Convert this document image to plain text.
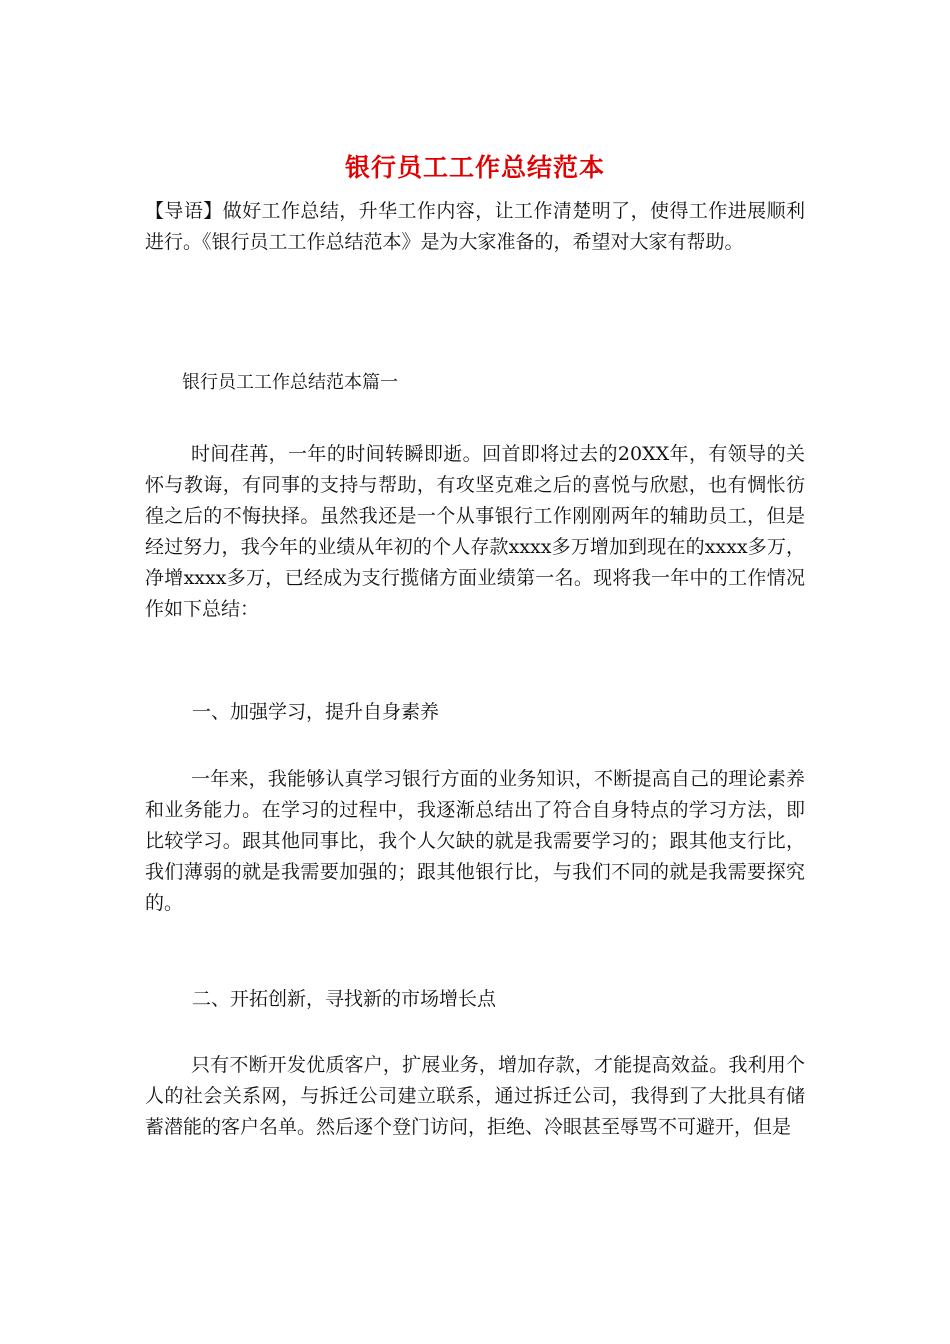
银行员工工作总结范本

【导语】做好工作总结，升华工作内容，让工作清楚明了，使得工作进展顺利进行。《银行员工工作总结范本》是为大家准备的，希望对大家有帮助。

银行员工工作总结范本篇一

时间荏苒，一年的时间转瞬即逝。回首即将过去的20XX年，有领导的关怀与教诲，有同事的支持与帮助，有攻坚克难之后的喜悦与欣慰，也有惆怅彷徨之后的不悔抉择。虽然我还是一个从事银行工作刚刚两年的辅助员工，但是经过努力，我今年的业绩从年初的个人存款xxxx多万增加到现在的xxxx多万，净增xxxx多万，已经成为支行揽储方面业绩第一名。现将我一年中的工作情况作如下总结：

一、加强学习，提升自身素养

一年来，我能够认真学习银行方面的业务知识，不断提高自己的理论素养和业务能力。在学习的过程中，我逐渐总结出了符合自身特点的学习方法，即比较学习。跟其他同事比，我个人欠缺的就是我需要学习的；跟其他支行比，我们薄弱的就是我需要加强的；跟其他银行比，与我们不同的就是我需要探究的。

二、开拓创新，寻找新的市场增长点

只有不断开发优质客户，扩展业务，增加存款，才能提高效益。我利用个人的社会关系网，与拆迁公司建立联系，通过拆迁公司，我得到了大批具有储蓄潜能的客户名单。然后逐个登门访问，拒绝、冷眼甚至辱骂不可避开，但是
